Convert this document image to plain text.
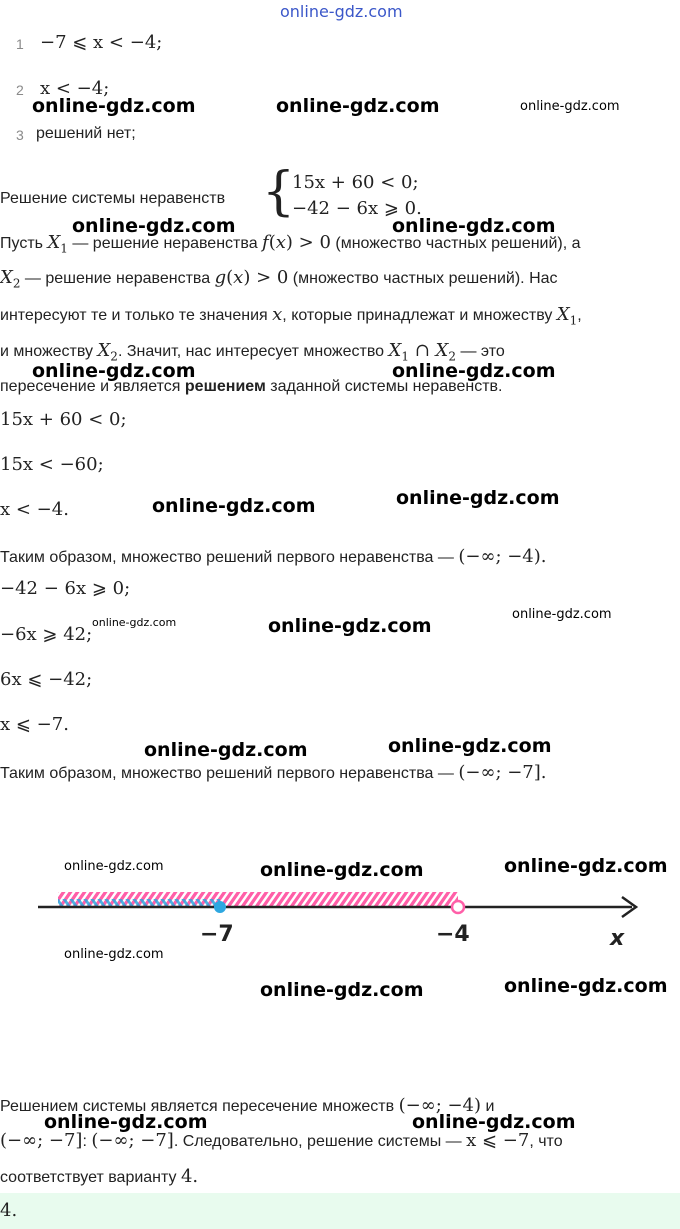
online-gdz.com
1 −7 ⩽ x < −4;
2 x < −4;
3 решений нет;
Решение системы неравенств {
15x + 60 < 0;
−42 − 6x ⩾ 0.
Пусть $X_1$ — решение неравенства f(x) > 0 (множество частных решений), а
$X_2$ — решение неравенства g(x) > 0 (множество частных решений). Нас
интересуют те и только те значения x, которые принадлежат и множеству $X_1$,
и множеству $X_2$. Значит, нас интересует множество $X_1$ ∩ $X_2$ — это
пересечение и является решением заданной системы неравенств.
15x + 60 < 0;
15x < −60;
x < −4.
Таким образом, множество решений первого неравенства — (−∞; −4).
−42 − 6x ⩾ 0;
−6x ⩾ 42;
6x ⩽ −42;
x ⩽ −7.
Таким образом, множество решений первого неравенства — (−∞; −7].
−7	−4	x
Решением системы является пересечение множеств (−∞; −4) и
(−∞; −7]: (−∞; −7]. Следовательно, решение системы — x ⩽ −7, что
соответствует варианту 4.
4.
online-gdz.com	online-gdz.com	online-gdz.com
online-gdz.com	online-gdz.com
online-gdz.com	online-gdz.com
online-gdz.com	online-gdz.com
online-gdz.com	online-gdz.com
online-gdz.com
online-gdz.com	online-gdz.com
online-gdz.com	online-gdz.com	online-gdz.com
online-gdz.com
online-gdz.com	online-gdz.com
online-gdz.com	online-gdz.com
